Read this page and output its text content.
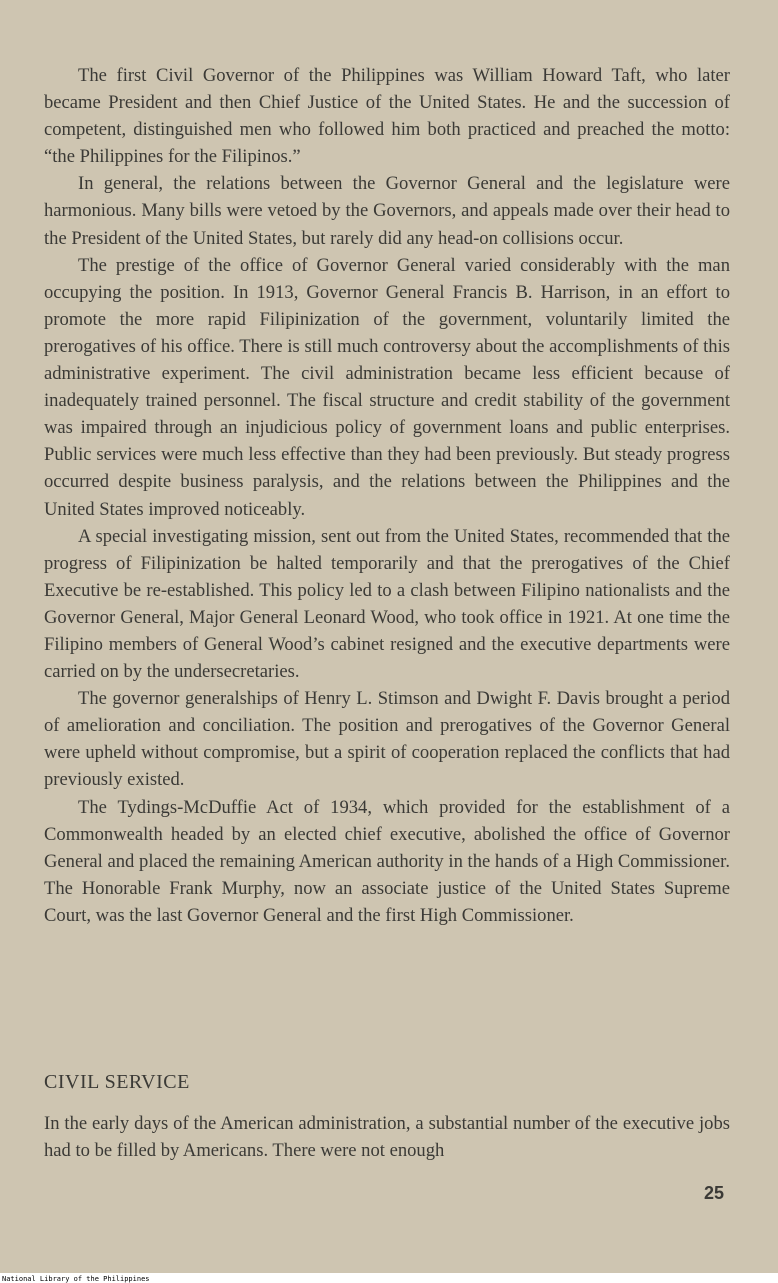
The first Civil Governor of the Philippines was William Howard Taft, who later became President and then Chief Justice of the United States. He and the succession of competent, distinguished men who followed him both practiced and preached the motto: “the Philippines for the Filipinos.”

In general, the relations between the Governor General and the legislature were harmonious. Many bills were vetoed by the Governors, and appeals made over their head to the President of the United States, but rarely did any head-on collisions occur.

The prestige of the office of Governor General varied considerably with the man occupying the position. In 1913, Governor General Francis B. Harrison, in an effort to promote the more rapid Filipinization of the government, voluntarily limited the prerogatives of his office. There is still much controversy about the accomplishments of this administrative experiment. The civil administration became less efficient because of inadequately trained personnel. The fiscal structure and credit stability of the government was impaired through an injudicious policy of government loans and public enterprises. Public services were much less effective than they had been previously. But steady progress occurred despite business paralysis, and the relations between the Philippines and the United States improved noticeably.

A special investigating mission, sent out from the United States, recommended that the progress of Filipinization be halted temporarily and that the prerogatives of the Chief Executive be re-established. This policy led to a clash between Filipino nationalists and the Governor General, Major General Leonard Wood, who took office in 1921. At one time the Filipino members of General Wood’s cabinet resigned and the executive departments were carried on by the undersecretaries.

The governor generalships of Henry L. Stimson and Dwight F. Davis brought a period of amelioration and conciliation. The position and prerogatives of the Governor General were upheld without compromise, but a spirit of cooperation replaced the conflicts that had previously existed.

The Tydings-McDuffie Act of 1934, which provided for the establishment of a Commonwealth headed by an elected chief executive, abolished the office of Governor General and placed the remaining American authority in the hands of a High Commissioner. The Honorable Frank Murphy, now an associate justice of the United States Supreme Court, was the last Governor General and the first High Commissioner.

CIVIL SERVICE

In the early days of the American administration, a substantial number of the executive jobs had to be filled by Americans. There were not enough

25
National Library of the Philippines
